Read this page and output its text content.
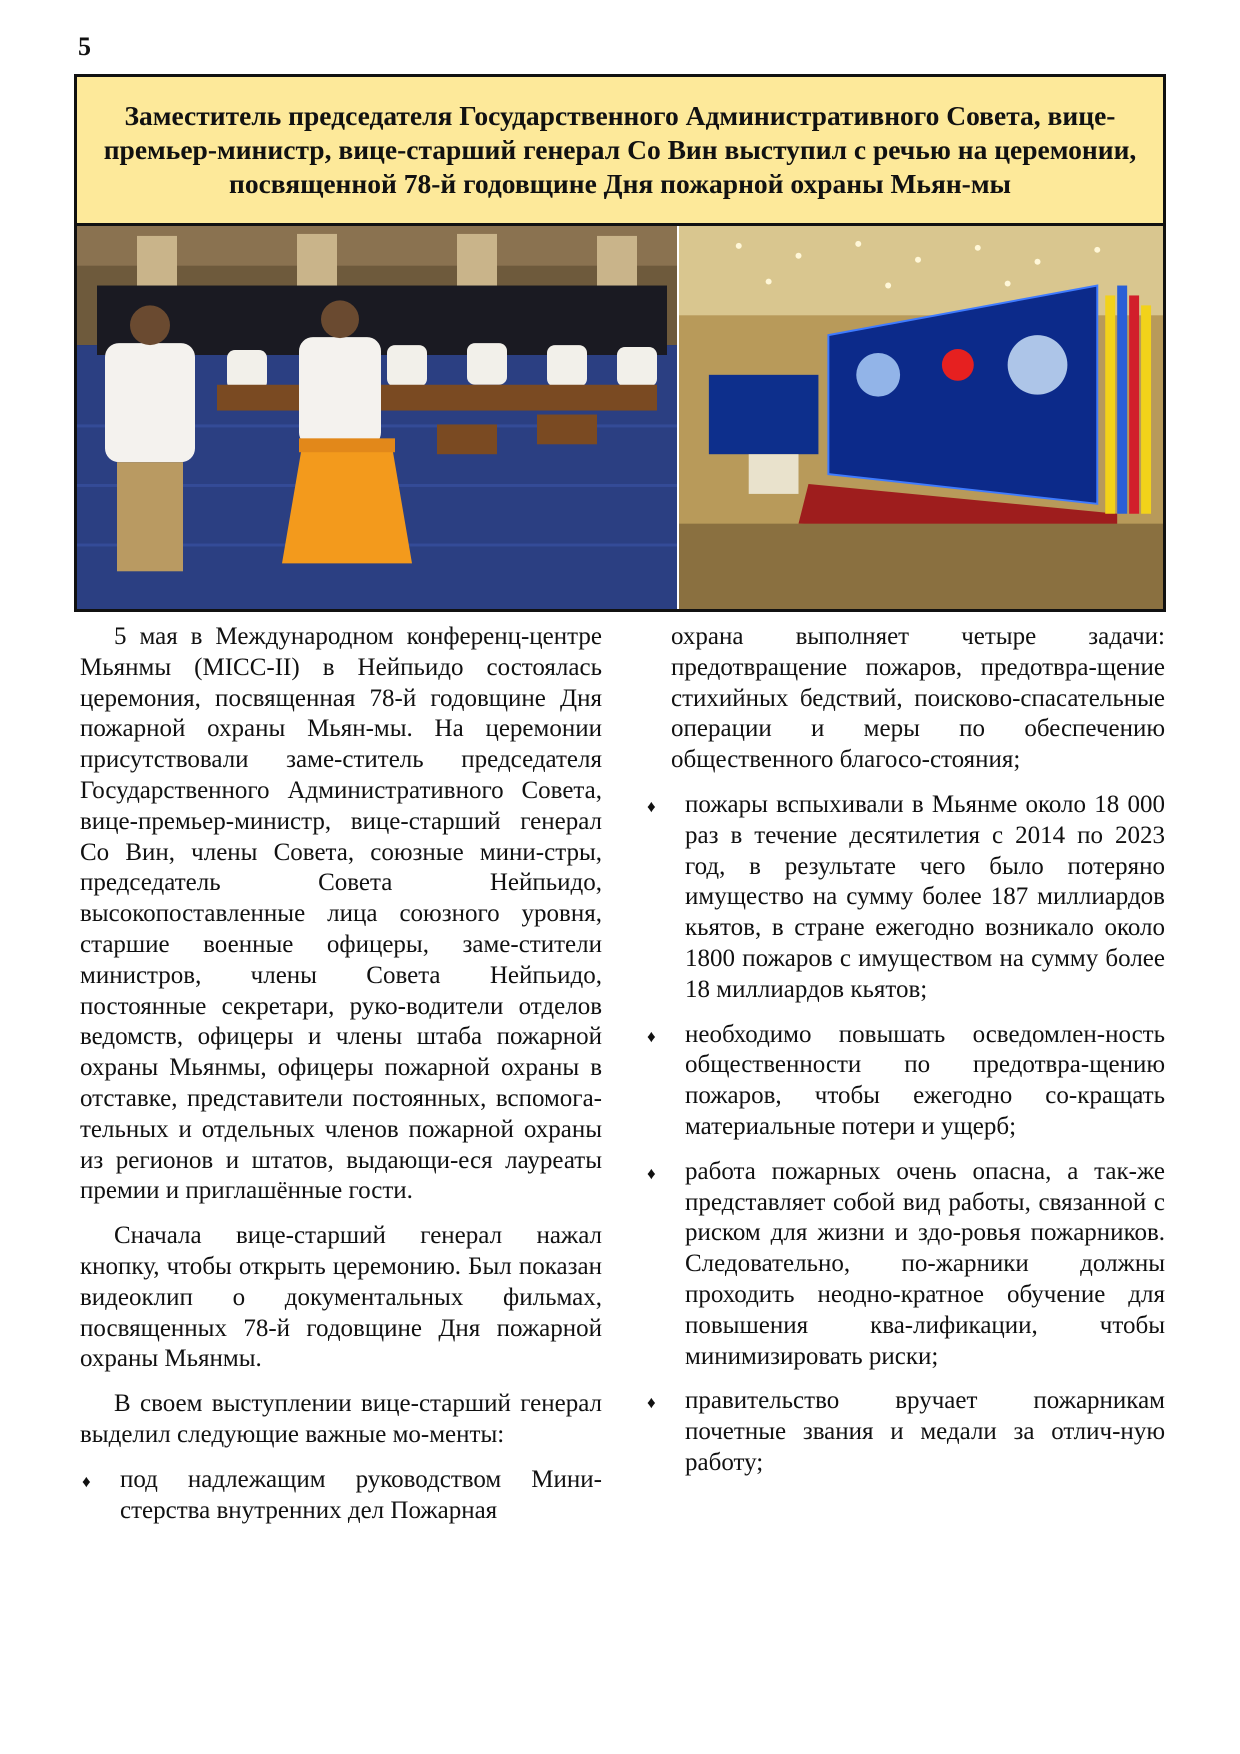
5

Заместитель председателя Государственного Административного Совета, вице-премьер-министр, вице-старший генерал Со Вин выступил с речью на церемонии, посвященной 78-й годовщине Дня пожарной охраны Мьян-мы

5 мая в Международном конференц-центре Мьянмы (MICC-II) в Нейпьидо состоялась церемония, посвященная 78-й годовщине Дня пожарной охраны Мьян-мы. На церемонии присутствовали заме-ститель председателя Государственного Административного Совета, вице-премьер-министр, вице-старший генерал Со Вин, члены Совета, союзные мини-стры, председатель Совета Нейпьидо, высокопоставленные лица союзного уровня, старшие военные офицеры, заме-стители министров, члены Совета Нейпьидо, постоянные секретари, руко-водители отделов ведомств, офицеры и члены штаба пожарной охраны Мьянмы, офицеры пожарной охраны в отставке, представители постоянных, вспомога-тельных и отдельных членов пожарной охраны из регионов и штатов, выдающи-еся лауреаты премии и приглашённые гости.

Сначала вице-старший генерал нажал кнопку, чтобы открыть церемонию. Был показан видеоклип о документальных фильмах, посвященных 78-й годовщине Дня пожарной охраны Мьянмы.

В своем выступлении вице-старший генерал выделил следующие важные мо-менты:

♦ под надлежащим руководством Мини-стерства внутренних дел Пожарная
охрана выполняет четыре задачи: предотвращение пожаров, предотвра-щение стихийных бедствий, поисково-спасательные операции и меры по обеспечению общественного благосо-стояния;
♦ пожары вспыхивали в Мьянме около 18 000 раз в течение десятилетия с 2014 по 2023 год, в результате чего было потеряно имущество на сумму более 187 миллиардов кьятов, в стране ежегодно возникало около 1800 пожаров с имуществом на сумму более 18 миллиардов кьятов;
♦ необходимо повышать осведомлен-ность общественности по предотвра-щению пожаров, чтобы ежегодно со-кращать материальные потери и ущерб;
♦ работа пожарных очень опасна, а так-же представляет собой вид работы, связанной с риском для жизни и здо-ровья пожарников. Следовательно, по-жарники должны проходить неодно-кратное обучение для повышения ква-лификации, чтобы минимизировать риски;
♦ правительство вручает пожарникам почетные звания и медали за отлич-ную работу;
